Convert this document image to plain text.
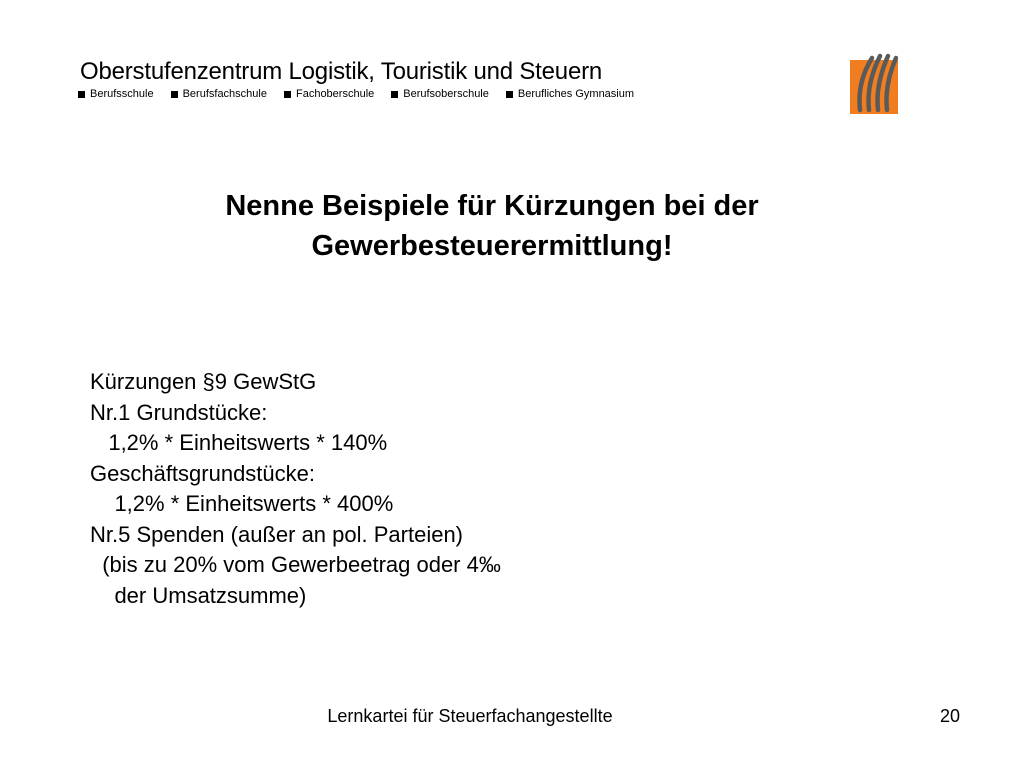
Oberstufenzentrum Logistik, Touristik und Steuern
Berufsschule	Berufsfachschule	Fachoberschule	Berufsoberschule	Berufliches Gymnasium
Nenne Beispiele für Kürzungen bei der
Gewerbesteuerermittlung!
Kürzungen §9 GewStG
Nr.1 Grundstücke:
1,2% * Einheitswerts * 140%
Geschäftsgrundstücke:
1,2% * Einheitswerts * 400%
Nr.5 Spenden (außer an pol. Parteien)
(bis zu 20% vom Gewerbeetrag oder 4‰
der Umsatzsumme)
Lernkartei für Steuerfachangestellte	20
